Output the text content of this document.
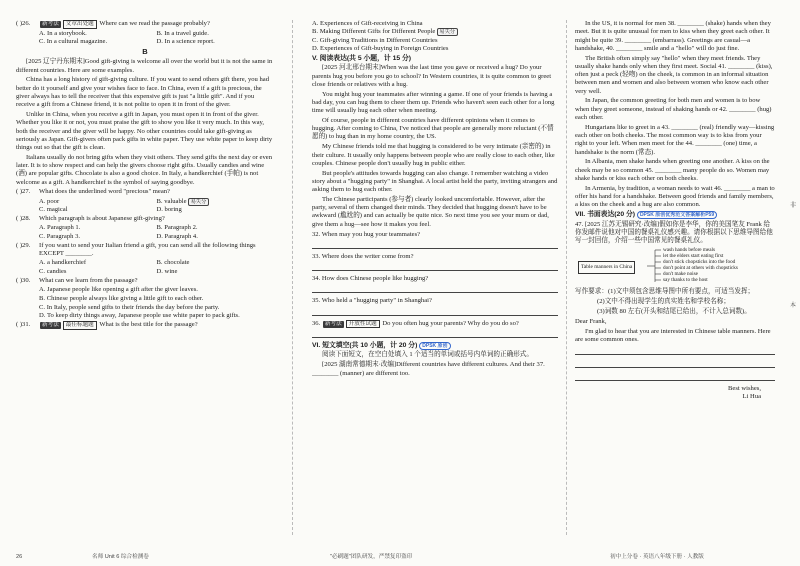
( )26.	新考法 文章出处题 Where can we read the passage probably?
A. In a storybook.	B. In a travel guide.
C. In a cultural magazine.	D. In a science report.
B

[2025 辽宁丹东期末]Good gift-giving is welcome all over the world but it is not the same in different countries. Here are some examples.

China has a long history of gift-giving culture. If you want to send others gift there, you had better do it yourself and give your wishes face to face. In China, even if a gift is precious, the giver always has to tell the receiver that this expensive gift is just "a little gift". And if you receive a gift from a Chinese friend, it is not polite to open it in front of the giver.

Unlike in China, when you receive a gift in Japan, you must open it in front of the giver. Whether you like it or not, you must praise the gift to show you like it very much. In this way, both the receiver and the giver will be happy. No other countries could take gift-giving as seriously as Japan. Gift-givers often pack gifts in white paper. They use white paper to keep dirty things out so that the gift is clean.

Italians usually do not bring gifts when they visit others. They send gifts the next day or even later. It is to show respect and can help the givers choose right gifts. Usually candies and wine (酒) are popular gifts. Chocolate is also a good choice. In Italy, a handkerchief (手帕) is not welcome as a gift. A handkerchief is the symbol of saying goodbye.

( )27.	What does the underlined word "precious" mean?
A. poor	B. valuable 易失分
C. magical	D. boring
( )28.	Which paragraph is about Japanese gift-giving?
A. Paragraph 1.	B. Paragraph 2.
C. Paragraph 3.	D. Paragraph 4.
( )29.	If you want to send your Italian friend a gift, you can send all the following things EXCEPT ________.
A. a handkerchief	B. chocolate
C. candies	D. wine
( )30.	What can we learn from the passage?
A. Japanese people like opening a gift after the giver leaves.
B. Chinese people always like giving a little gift to each other.
C. In Italy, people send gifts to their friends the day before the party.
D. To keep dirty things away, Japanese people use white paper to pack gifts.
( )31.	新考法 最佳标题题 What is the best title for the passage?
A. Experiences of Gift-receiving in China
B. Making Different Gifts for Different People 易失分
C. Gift-giving Traditions in Different Countries
D. Experiences of Gift-buying in Foreign Countries
V. 阅读表达(共 5 小题，计 15 分)

[2025 河北邢台期末]When was the last time you gave or received a hug? Do your parents hug you before you go to school? In Western countries, it is quite common to greet close friends or relatives with a hug.

You might hug your teammates after winning a game. If one of your friends is having a bad day, you can hug them to cheer them up. Friends who haven't seen each other for a long time will usually hug each other when meeting.

Of course, people in different countries have different opinions when it comes to hugging. After coming to China, I've noticed that people are generally more reluctant (不情愿的) to hug than in my home country, the US.

My Chinese friends told me that hugging is considered to be very intimate (亲密的) in their culture. It usually only happens between people who are really close to each other, like couples. Chinese people don't usually hug in public either.

But people's attitudes towards hugging can also change. I remember watching a video story about a "hugging party" in Shanghai. A local artist held the party, inviting strangers and asking them to hug each other.

The Chinese participants (参与者) clearly looked uncomfortable. However, after the party, several of them changed their minds. They decided that hugging doesn't have to be awkward (尴尬的) and can actually be quite nice. So next time you see your mum or dad, give them a hug—see how it makes you feel.

32. When may you hug your teammates?
33. Where does the writer come from?
34. How does Chinese people like hugging?
35. Who held a "hugging party" in Shanghai?
36. 新考法 开放性试题 Do you often hug your parents? Why do you do so?
VI. 短文填空(共 10 小题，计 20 分) DPSK 原创

阅读下面短文，在空白处填入 1 个适当的单词或括号内单词的正确形式。

[2025 湖南常德期末·改编]Different countries have different cultures. And their 37. ________ (manner) are different too.

In the US, it is normal for men 38. ________ (shake) hands when they meet. But it is quite unusual for men to kiss when they greet each other. It might be quite 39. ________ (embarrass). Greetings are casual—a handshake, 40. ________ smile and a "hello" will do just fine.

The British often simply say "hello" when they meet friends. They usually shake hands only when they first meet. Social 41. ________ (kiss), often just a peck (轻吻) on the cheek, is common in an informal situation between men and women and also between women who know each other very well.

In Japan, the common greeting for both men and women is to bow when they greet someone, instead of shaking hands or 42. ________ (hug) each other.

Hungarians like to greet in a 43. ________ (real) friendly way—kissing each other on both cheeks. The most common way is to kiss from your right to your left. When men meet for the 44. ________ (one) time, a handshake is the norm (常态).

In Albania, men shake hands when greeting one another. A kiss on the cheek may be so common 45. ________ many people do so. Women may shake hands or kiss each other on both cheeks.

In Armenia, by tradition, a woman needs to wait 46. ________ a man to offer his hand for a handshake. Between good friends and family members, a kiss on the cheek and a hug are also common.

VII. 书面表达(20 分) DPSK 原创优秀范文答案解析P59

47. [2025 江苏无锡研究·改编]假如你是李华，你的美国笔友 Frank 给你发邮件说他对中国的餐桌礼仪感兴趣。请你根据以下思维导图给他写一封回信，介绍一些中国常见的餐桌礼仪。

Table manners in China
wash hands before meals
let the elders start eating first
don't stick chopsticks into the food
don't point at others with chopsticks
don't make noise
say thanks to the host

写作要求：(1)文中须包含思维导图中所有要点，可适当发挥；

(2)文中不得出现学生的真实姓名和学校名称；

(3)词数 80 左右(开头和结尾已给出，不计入总词数)。

Dear Frank,

I'm glad to hear that you are interested in Chinese table manners. Here are some common ones.

Best wishes,
Li Hua
非
本
26	名师 Unit 6 综合检测卷	"必刷题"团队研发，严禁复印盗印	初中上分卷 · 英语八年级下册 · 人教版
